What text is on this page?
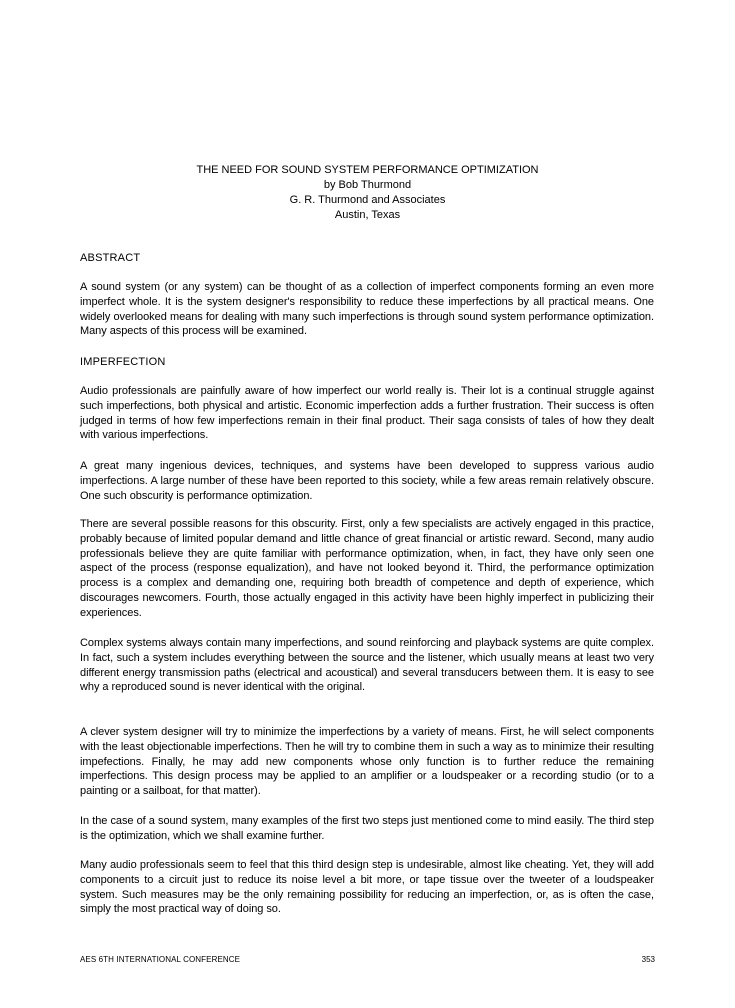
THE NEED FOR SOUND SYSTEM PERFORMANCE OPTIMIZATION
by Bob Thurmond
G. R. Thurmond and Associates
Austin, Texas
ABSTRACT

A sound system (or any system) can be thought of as a collection of imperfect components forming an even more imperfect whole. It is the system designer's responsibility to reduce these imperfections by all practical means. One widely overlooked means for dealing with many such imperfections is through sound system performance optimization. Many aspects of this process will be examined.

IMPERFECTION

Audio professionals are painfully aware of how imperfect our world really is. Their lot is a continual struggle against such imperfections, both physical and artistic. Economic imperfection adds a further frustration. Their success is often judged in terms of how few imperfections remain in their final product. Their saga consists of tales of how they dealt with various imperfections.

A great many ingenious devices, techniques, and systems have been developed to suppress various audio imperfections. A large number of these have been reported to this society, while a few areas remain relatively obscure. One such obscurity is performance optimization.

There are several possible reasons for this obscurity. First, only a few specialists are actively engaged in this practice, probably because of limited popular demand and little chance of great financial or artistic reward. Second, many audio professionals believe they are quite familiar with performance optimization, when, in fact, they have only seen one aspect of the process (response equalization), and have not looked beyond it. Third, the performance optimization process is a complex and demanding one, requiring both breadth of competence and depth of experience, which discourages newcomers. Fourth, those actually engaged in this activity have been highly imperfect in publicizing their experiences.

Complex systems always contain many imperfections, and sound reinforcing and playback systems are quite complex. In fact, such a system includes everything between the source and the listener, which usually means at least two very different energy transmission paths (electrical and acoustical) and several transducers between them. It is easy to see why a reproduced sound is never identical with the original.

A clever system designer will try to minimize the imperfections by a variety of means. First, he will select components with the least objectionable imperfections. Then he will try to combine them in such a way as to minimize their resulting impefections. Finally, he may add new components whose only function is to further reduce the remaining imperfections. This design process may be applied to an amplifier or a loudspeaker or a recording studio (or to a painting or a sailboat, for that matter).

In the case of a sound system, many examples of the first two steps just mentioned come to mind easily. The third step is the optimization, which we shall examine further.

Many audio professionals seem to feel that this third design step is undesirable, almost like cheating. Yet, they will add components to a circuit just to reduce its noise level a bit more, or tape tissue over the tweeter of a loudspeaker system. Such measures may be the only remaining possibility for reducing an imperfection, or, as is often the case, simply the most practical way of doing so.

AES 6TH INTERNATIONAL CONFERENCE	353
